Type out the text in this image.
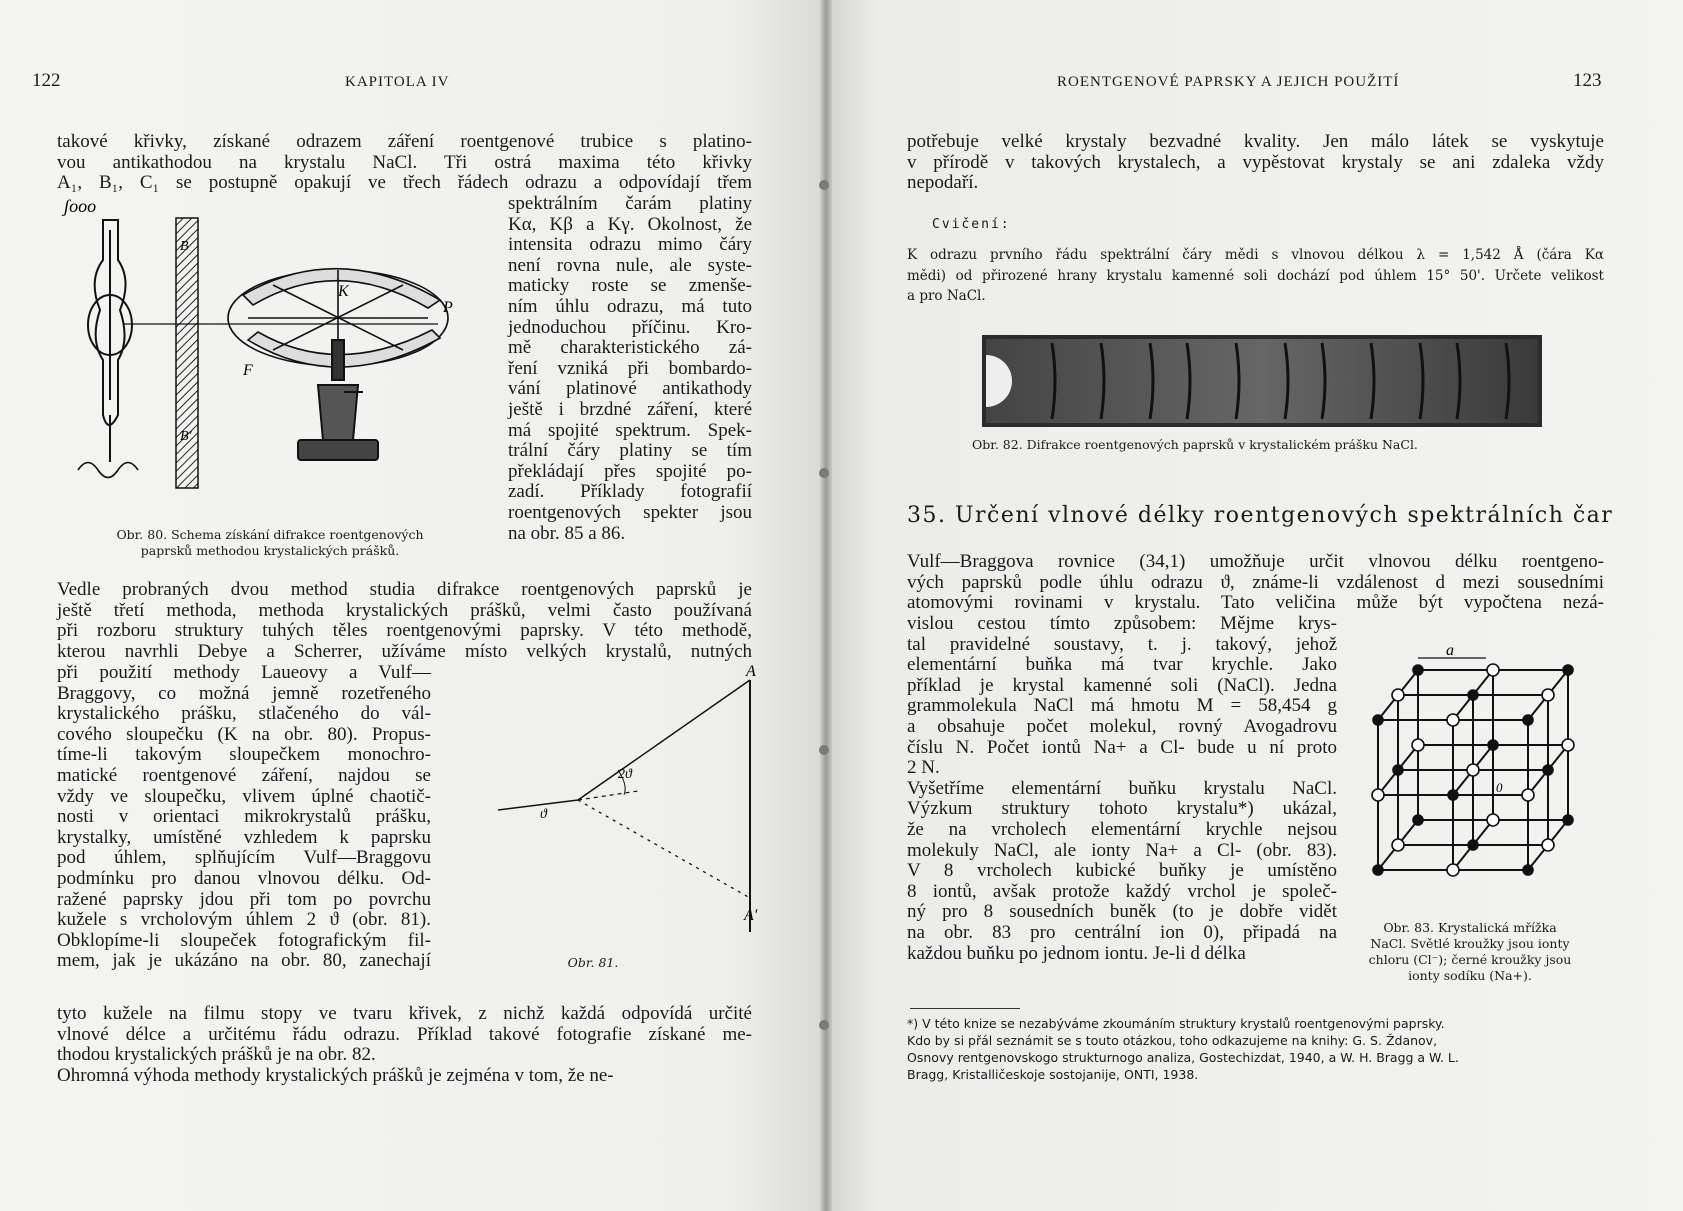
122	KAPITOLA IV
takové křivky, získané odrazem záření roentgenové trubice s platino-
vou antikathodou na krystalu NaCl. Tři ostrá maxima této křivky
A₁, B₁, C₁ se postupně opakují ve třech řádech odrazu a odpovídají třem
spektrálním čarám platiny
Kα, Kβ a Kγ. Okolnost, že
intensita odrazu mimo čáry
není rovna nule, ale syste-
maticky roste se zmenše-
ním úhlu odrazu, má tuto
jednoduchou příčinu. Kro-
mě charakteristického zá-
ření vzniká při bombardo-
vání platinové antikathody
ještě i brzdné záření, které
má spojité spektrum. Spek-
trální čáry platiny se tím
překládají přes spojité po-
zadí. Příklady fotografií
roentgenových spekter jsou
na obr. 85 a 86.
ʃooo
B
B'
K
P
F
Obr. 80. Schema získání difrakce roentgenových
paprsků methodou krystalických prášků.
Vedle probraných dvou method studia difrakce roentgenových paprsků je
ještě třetí methoda, methoda krystalických prášků, velmi často používaná
při rozboru struktury tuhých těles roentgenovými paprsky. V této methodě,
kterou navrhli Debye a Scherrer, užíváme místo velkých krystalů, nutných
při použití methody Laueovy a Vulf—
Braggovy, co možná jemně rozetřeného
krystalického prášku, stlačeného do vál-
cového sloupečku (K na obr. 80). Propus-
tíme-li takovým sloupečkem monochro-
matické roentgenové záření, najdou se
vždy ve sloupečku, vlivem úplné chaotič-
nosti v orientaci mikrokrystalů prášku,
krystalky, umístěné vzhledem k paprsku
pod úhlem, splňujícím Vulf—Braggovu
podmínku pro danou vlnovou délku. Od-
ražené paprsky jdou při tom po povrchu
kužele s vrcholovým úhlem 2 ϑ (obr. 81).
Obklopíme-li sloupeček fotografickým fil-
mem, jak je ukázáno na obr. 80, zanechají
A
A'
2ϑ
ϑ
Obr. 81.
tyto kužele na filmu stopy ve tvaru křivek, z nichž každá odpovídá určité
vlnové délce a určitému řádu odrazu. Příklad takové fotografie získané me-
thodou krystalických prášků je na obr. 82.
Ohromná výhoda methody krystalických prášků je zejména v tom, že ne-
ROENTGENOVÉ PAPRSKY A JEJICH POUŽITÍ	123
potřebuje velké krystaly bezvadné kvality. Jen málo látek se vyskytuje
v přírodě v takových krystalech, a vypěstovat krystaly se ani zdaleka vždy
nepodaří.
Cvičení:
K odrazu prvního řádu spektrální čáry mědi s vlnovou délkou λ = 1,542 Å (čára Kα
mědi) od přirozené hrany krystalu kamenné soli dochází pod úhlem 15° 50'. Určete velikost
a pro NaCl.
Obr. 82. Difrakce roentgenových paprsků v krystalickém prášku NaCl.
35. Určení vlnové délky roentgenových spektrálních čar
Vulf—Braggova rovnice (34,1) umožňuje určit vlnovou délku roentgeno-
vých paprsků podle úhlu odrazu ϑ, známe-li vzdálenost d mezi sousedními
atomovými rovinami v krystalu. Tato veličina může být vypočtena nezá-
vislou cestou tímto způsobem: Mějme krys-
tal pravidelné soustavy, t. j. takový, jehož
elementární buňka má tvar krychle. Jako
příklad je krystal kamenné soli (NaCl). Jedna
grammolekula NaCl má hmotu M = 58,454 g
a obsahuje počet molekul, rovný Avogadrovu
číslu N. Počet iontů Na+ a Cl- bude u ní proto
2 N.
Vyšetříme elementární buňku krystalu NaCl.
Výzkum struktury tohoto krystalu*) ukázal,
že na vrcholech elementární krychle nejsou
molekuly NaCl, ale ionty Na+ a Cl- (obr. 83).
V 8 vrcholech kubické buňky je umístěno
8 iontů, avšak protože každý vrchol je společ-
ný pro 8 sousedních buněk (to je dobře vidět
na obr. 83 pro centrální ion 0), připadá na
každou buňku po jednom iontu. Je-li d délka
a
0
Obr. 83. Krystalická mřížka
NaCl. Světlé kroužky jsou ionty
chloru (Cl⁻); černé kroužky jsou
ionty sodíku (Na+).
*) V této knize se nezabýváme zkoumáním struktury krystalů roentgenovými paprsky.
Kdo by si přál seznámit se s touto otázkou, toho odkazujeme na knihy: G. S. Ždanov,
Osnovy rentgenovskogo strukturnogo analiza, Gostechizdat, 1940, a W. H. Bragg a W. L.
Bragg, Kristalličeskoje sostojanije, ONTI, 1938.
